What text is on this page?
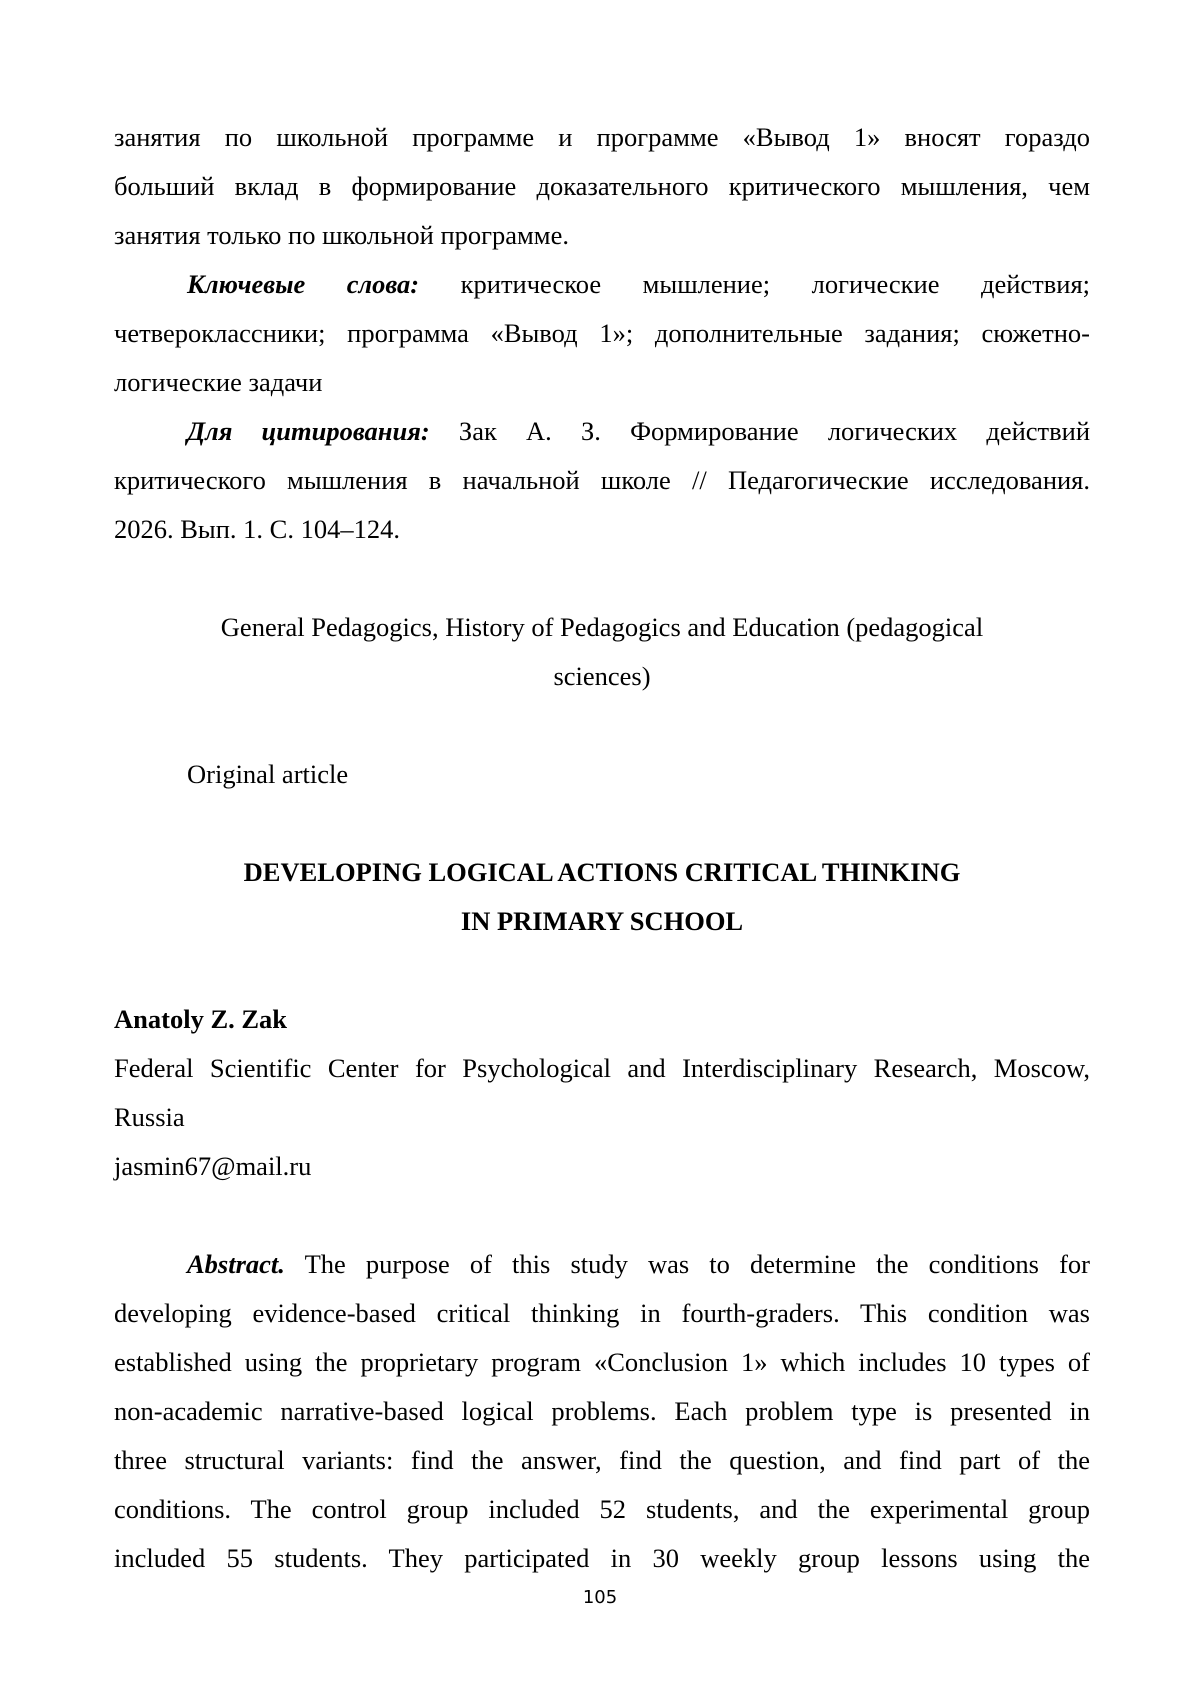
занятия по школьной программе и программе «Вывод 1» вносят гораздо
больший вклад в формирование доказательного критического мышления, чем
занятия только по школьной программе.
Ключевые слова: критическое мышление; логические действия;
четвероклассники; программа «Вывод 1»; дополнительные задания; сюжетно-
логические задачи
Для цитирования: Зак А. З. Формирование логических действий
критического мышления в начальной школе // Педагогические исследования.
2026. Вып. 1. С. 104–124.
General Pedagogics, History of Pedagogics and Education (pedagogical
sciences)
Original article
DEVELOPING LOGICAL ACTIONS CRITICAL THINKING
IN PRIMARY SCHOOL
Anatoly Z. Zak
Federal Scientific Center for Psychological and Interdisciplinary Research, Moscow,
Russia
jasmin67@mail.ru
Abstract. The purpose of this study was to determine the conditions for
developing evidence-based critical thinking in fourth-graders. This condition was
established using the proprietary program «Conclusion 1» which includes 10 types of
non-academic narrative-based logical problems. Each problem type is presented in
three structural variants: find the answer, find the question, and find part of the
conditions. The control group included 52 students, and the experimental group
included 55 students. They participated in 30 weekly group lessons using the
105
